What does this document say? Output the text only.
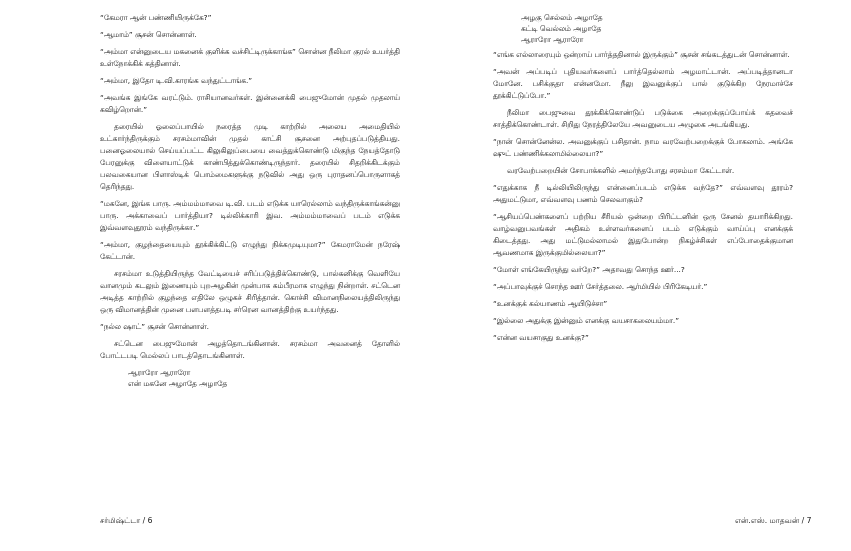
“கேமரா ஆன் பண்ணியிருக்கே?”

“ஆமாம்” சூசன் சொன்னாள்.

“அம்மா என்னுடைய மகனைக் குளிக்க வச்சிட்டிருக்காங்க” சொன்ன நீலிமா குரல் உயர்த்தி உள்நோக்கிக் கத்தினாள்.

“அம்மா, இதோ டி.வி.காரங்க வந்துட்டாங்க.”

“அவங்க இங்கே வரட்டும். ராசியானவர்கள். இன்னைக்கி பைஜுமோன் முதல் முதலாய் கவிழ்றொன்.”

தரையில் ஓலைப்பாயில் நரைத்த முடி காற்றில் அலைய அமைதியில் உட்கார்ந்திருக்கும் சரசம்மாவின் முதல் காட்சி சூசனை அற்புதப்படுத்தியது. பனைஓலையால் செய்யப்பட்ட கிலுகிலுப்பையை வைத்துக்கொண்டு மிகுந்த நேயத்தோடு பேரனுக்கு விளையாட்டுக் காண்பித்துக்கொண்டிருந்தார். தரையில் சிதறிக்கிடக்கும் பலவகையான பிளாஸ்டிக் பொம்மைகளுக்கு நடுவில் அது ஒரு புராதனப்பொருளாகத் தெரிந்தது.

“மகனே, இங்க பாரு. அம்மம்மாவை டி.வி. படம் எடுக்க யாரெல்லாம் வந்திருக்காங்கன்னு பாரு. அக்காவைப் பார்த்தியா? டில்லிக்காரி இவ. அம்மம்மாவைப் படம் எடுக்க இவ்வளவுதூரம் வந்திருக்கா.”

“அம்மா, குழந்தையையும் தூக்கிக்கிட்டு எழுந்து நிக்கமுடியுமா?” கேமராமேன் நரேஷ் கேட்டான்.

சரசம்மா உடுத்தியிருந்த வேட்டியைச் சரிப்படுத்திக்கொண்டு, பால்கனிக்கு வெளியே வானமும் கடலும் இணையும் புறஅழகின் முன்பாக கம்பீரமாக எழுந்து நின்றாள். சட்டென அடித்த காற்றில் குழந்தை எதிலே ஒழுகச் சிரித்தான். கொச்சி விமானநிலையத்திலிருந்து ஒரு விமானத்தின் முனை பளபளத்தபடி சர்ரென வானத்திற்கு உயர்ந்தது.

“நல்ல ஷாட்” சூசன் சொன்னாள்.

சட்டென பைஜுமோன் அழத்தொடங்கினான். சரசம்மா அவனைத் தோளில் போட்டபடி மெல்லப் பாடத்தொடங்கினாள்.

ஆராரோ ஆராரோ
என் மகனே அழாதே அழாதே
சர்மிஷ்ட்டா / 6
அழகு செல்லம் அழாதே
கட்டி வெல்லம் அழாதே
ஆராரோ ஆராரோ

“எங்க எல்லாரையும் ஒன்றாய் பார்த்ததினால் இருக்கும்” சூசன் சங்கடத்துடன் சொன்னாள்.

“அவன் அப்படிப் புதியவர்களைப் பார்த்தெல்லாம் அழமாட்டான். அப்படித்தானடா மோனே. பசிக்குதா என்னமோ. நீலு இவனுக்குப் பால் குடுக்கிற நேரமாச்சே தூக்கிட்டுப்போ.”

நீலிமா பைஜுவை தூக்கிக்கொண்டுப் படுக்கை அறைக்குப்போய்க் கதவைச் சாத்திக்கொண்டாள். சிறிது நேரத்திலேயே அவனுடைய அழுகை அடங்கியது.

“நான் சொன்னேன்ல. அவனுக்குப் பசிதான். நாம வரவேற்பறைக்குக் போகலாம். அங்கே ஷுட் பண்ணிக்கலாமில்லையா?”

வரவேற்பறையின் சோபாக்களில் அமர்ந்தபோது சரசம்மா கேட்டாள்.

“எதுக்காக நீ டில்லியிலிருந்து என்னைப்படம் எடுக்க வந்தே?” எவ்வளவு தூரம்? அதுமட்டுமா, எவ்வளவு பணம் செலவாகும்?

“ஆசியப்பெண்களைப் பற்றிய சீரியல் ஒன்றை பிரிட்டனின் ஒரு சேனல் தயாரிக்கிறது. வாழ்வனுபவங்கள் அதிகம் உள்ளவர்களைப் படம் எடுக்கும் வாய்ப்பு எனக்குக் கிடைத்தது. அது மட்டுமல்லாமல் இதுபோன்ற நிகழ்ச்சிகள் எப்போதைக்குமான ஆவணமாக இருக்குமில்லையா?”

“மோள் எங்கேயிருந்து வர்றே?” அதாவது சொந்த ஊர்...?

“அப்பாவுக்குச் சொந்த ஊர் சேர்த்தலை. ஆர்மியில் பிரிகேடியர்.”

“உனக்குக் கல்யாணம் ஆயிடுச்சா”

“இல்லை அதுக்கு இன்னும் எனக்கு வயசாகலையம்மா.”

“என்ன வயசாகுது உனக்கு?”

என்.எஸ். மாதவன் / 7
